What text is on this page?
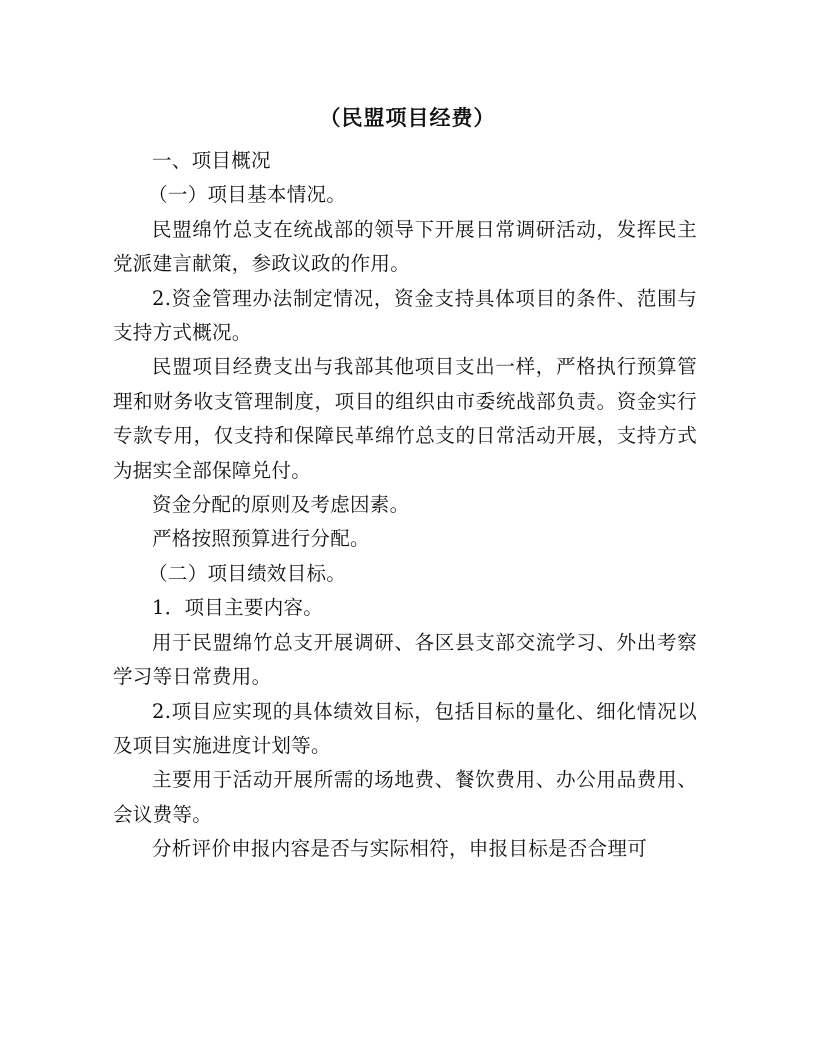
（民盟项目经费）

一、项目概况

（一）项目基本情况。

民盟绵竹总支在统战部的领导下开展日常调研活动，发挥民主党派建言献策，参政议政的作用。

2.资金管理办法制定情况，资金支持具体项目的条件、范围与支持方式概况。

民盟项目经费支出与我部其他项目支出一样，严格执行预算管理和财务收支管理制度，项目的组织由市委统战部负责。资金实行专款专用，仅支持和保障民革绵竹总支的日常活动开展，支持方式为据实全部保障兑付。

资金分配的原则及考虑因素。

严格按照预算进行分配。

（二）项目绩效目标。

1．项目主要内容。

用于民盟绵竹总支开展调研、各区县支部交流学习、外出考察学习等日常费用。

2.项目应实现的具体绩效目标，包括目标的量化、细化情况以及项目实施进度计划等。

主要用于活动开展所需的场地费、餐饮费用、办公用品费用、会议费等。

分析评价申报内容是否与实际相符，申报目标是否合理可
